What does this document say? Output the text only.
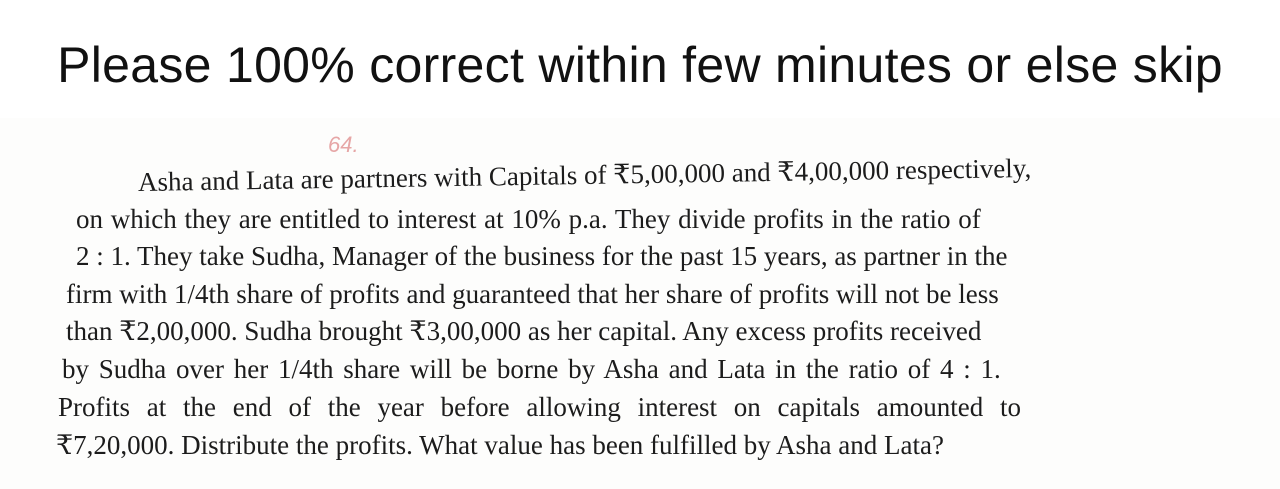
Please 100% correct within few minutes or else skip
64.
Asha and Lata are partners with Capitals of ₹5,00,000 and ₹4,00,000 respectively,
on which they are entitled to interest at 10% p.a. They divide profits in the ratio of
2 : 1. They take Sudha, Manager of the business for the past 15 years, as partner in the
firm with 1/4th share of profits and guaranteed that her share of profits will not be less
than ₹2,00,000. Sudha brought ₹3,00,000 as her capital. Any excess profits received
by Sudha over her 1/4th share will be borne by Asha and Lata in the ratio of 4 : 1.
Profits at the end of the year before allowing interest on capitals amounted to
₹7,20,000. Distribute the profits. What value has been fulfilled by Asha and Lata?
